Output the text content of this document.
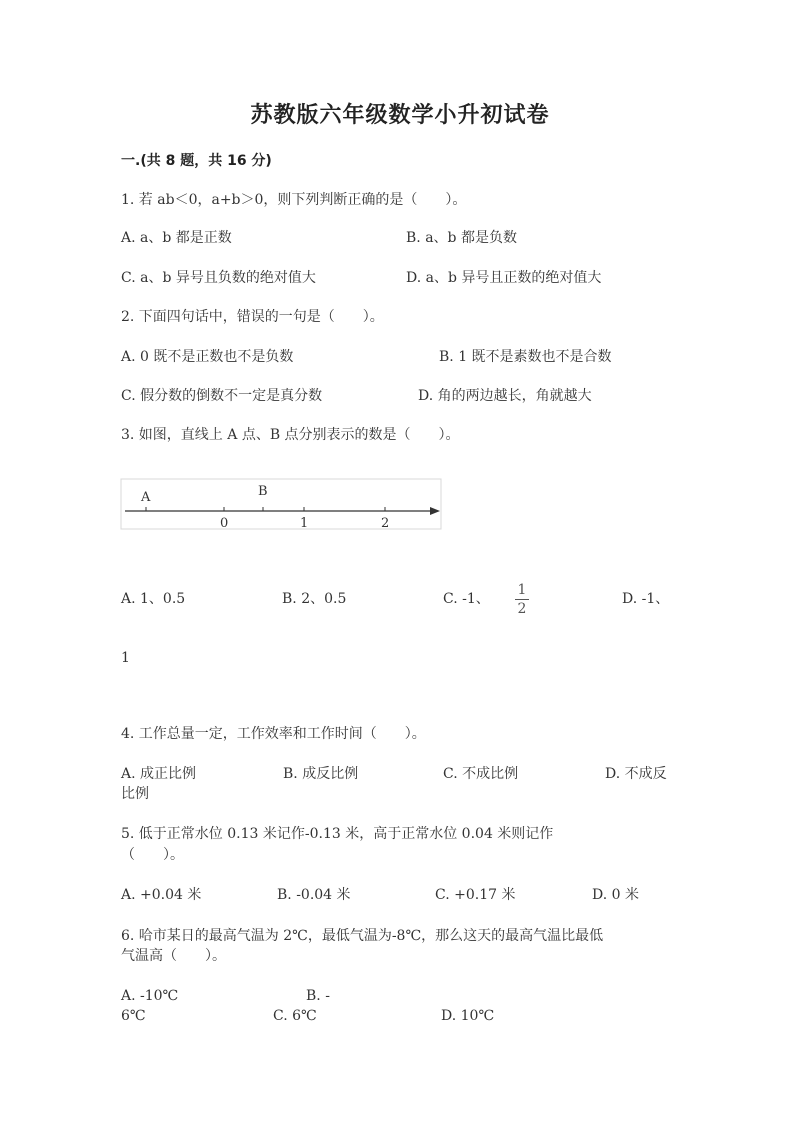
苏教版六年级数学小升初试卷
一.(共 8 题，共 16 分)
1. 若 ab＜0，a+b＞0，则下列判断正确的是（　　）。
A. a、b 都是正数	B. a、b 都是负数
C. a、b 异号且负数的绝对值大	D. a、b 异号且正数的绝对值大
2. 下面四句话中，错误的一句是（　　）。
A. 0 既不是正数也不是负数	B. 1 既不是素数也不是合数
C. 假分数的倒数不一定是真分数	D. 角的两边越长，角就越大
3. 如图，直线上 A 点、B 点分别表示的数是（　　）。
A	B
0	1	2
A. 1、0.5	B. 2、0.5	C. -1、
1
2
D. -1、
1
4. 工作总量一定，工作效率和工作时间（　　）。
A. 成正比例	B. 成反比例	C. 不成比例	D. 不成反
比例
5. 低于正常水位 0.13 米记作-0.13 米，高于正常水位 0.04 米则记作
（　　）。
A. +0.04 米	B. -0.04 米	C. +0.17 米	D. 0 米
6. 哈市某日的最高气温为 2℃，最低气温为-8℃，那么这天的最高气温比最低
气温高（　　）。
A. -10℃	B. -
6℃	C. 6℃	D. 10℃
